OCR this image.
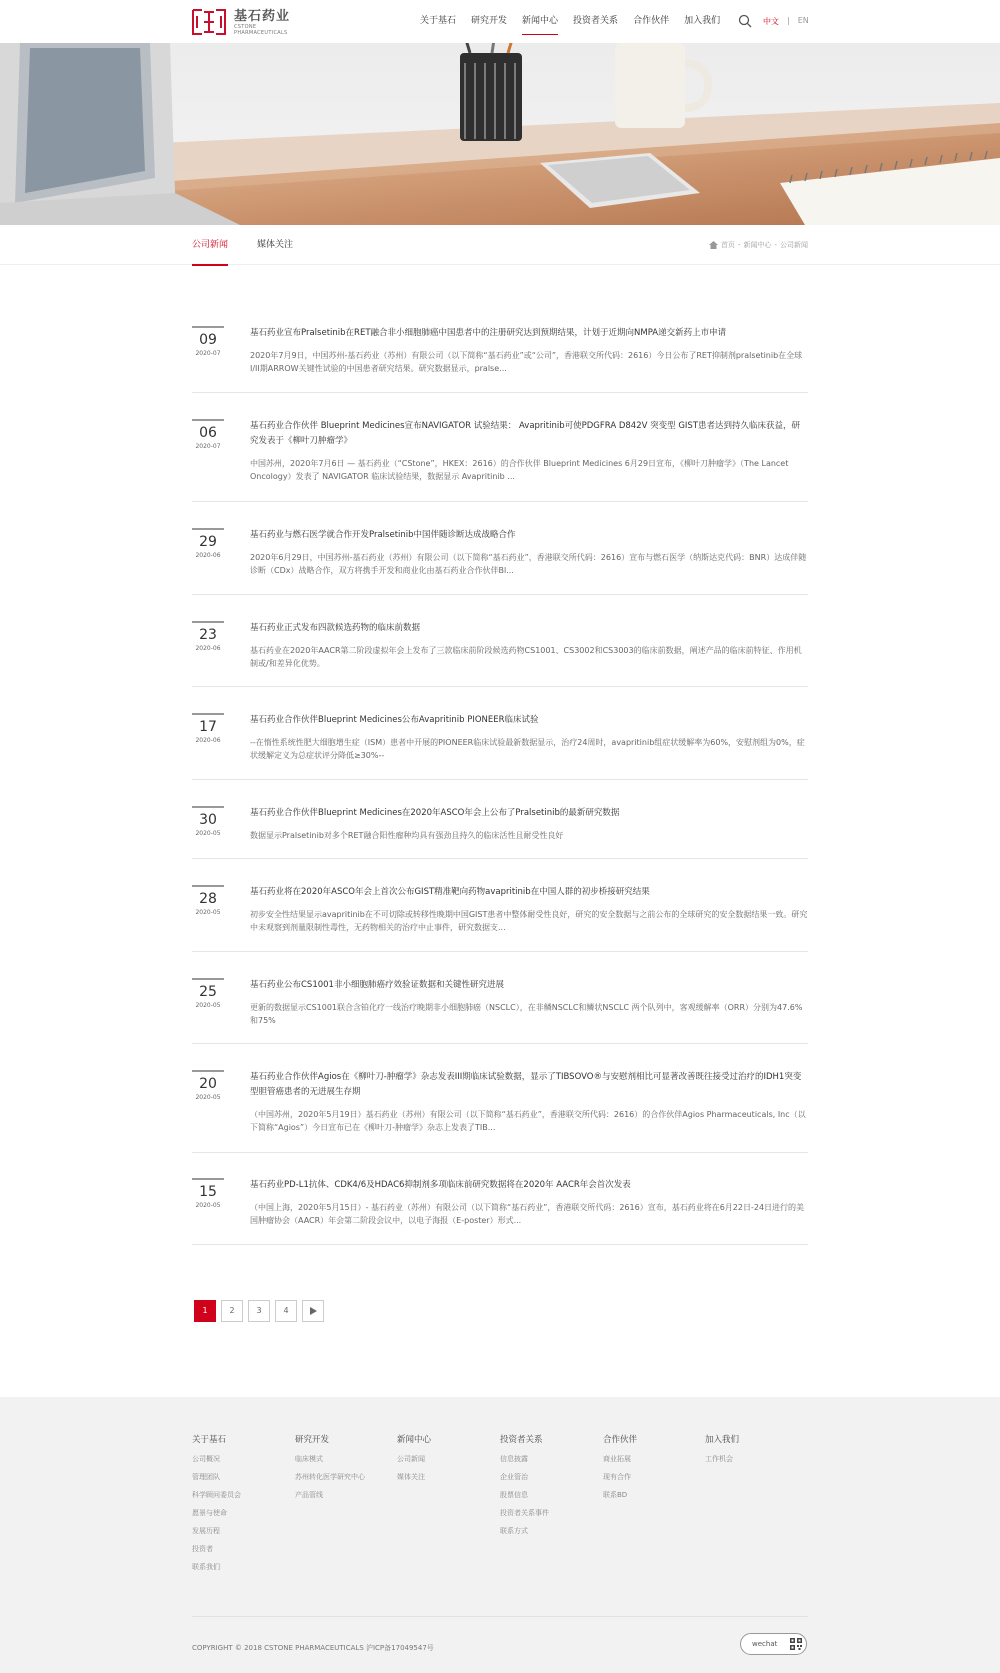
基石药业
CSTONE
PHARMACEUTICALS
关于基石 研究开发 新闻中心 投资者关系 合作伙伴 加入我们	中文 | EN
公司新闻	媒体关注	首页 - 新闻中心 - 公司新闻
09
2020-07
基石药业宣布Pralsetinib在RET融合非小细胞肺癌中国患者中的注册研究达到预期结果，计划于近期向NMPA递交新药上市申请
2020年7月9日，中国苏州-基石药业（苏州）有限公司（以下简称“基石药业”或“公司”，香港联交所代码：2616）今日公布了RET抑制剂pralsetinib在全球I/II期ARROW关键性试验的中国患者研究结果。研究数据显示，pralse...
06
2020-07
基石药业合作伙伴 Blueprint Medicines宣布NAVIGATOR 试验结果： Avapritinib可使PDGFRA D842V 突变型 GIST患者达到持久临床获益，研究发表于《柳叶刀肿瘤学》
中国苏州，2020年7月6日 — 基石药业（“CStone”，HKEX：2616）的合作伙伴 Blueprint Medicines 6月29日宣布，《柳叶刀肿瘤学》（The Lancet Oncology）发表了 NAVIGATOR 临床试验结果，数据显示 Avapritinib ...
29
2020-06
基石药业与燃石医学就合作开发Pralsetinib中国伴随诊断达成战略合作
2020年6月29日，中国苏州-基石药业（苏州）有限公司（以下简称“基石药业”，香港联交所代码：2616）宣布与燃石医学（纳斯达克代码：BNR）达成伴随诊断（CDx）战略合作，双方将携手开发和商业化由基石药业合作伙伴Bl...
23
2020-06
基石药业正式发布四款候选药物的临床前数据
基石药业在2020年AACR第二阶段虚拟年会上发布了三款临床前阶段候选药物CS1001、CS3002和CS3003的临床前数据，阐述产品的临床前特征、作用机制或/和差异化优势。
17
2020-06
基石药业合作伙伴Blueprint Medicines公布Avapritinib PIONEER临床试验
--在惰性系统性肥大细胞增生症（ISM）患者中开展的PIONEER临床试验最新数据显示，治疗24周时，avapritinib组症状缓解率为60%，安慰剂组为0%，症状缓解定义为总症状评分降低≥30%--
30
2020-05
基石药业合作伙伴Blueprint Medicines在2020年ASCO年会上公布了Pralsetinib的最新研究数据
数据显示Pralsetinib对多个RET融合阳性瘤种均具有强劲且持久的临床活性且耐受性良好
28
2020-05
基石药业将在2020年ASCO年会上首次公布GIST精准靶向药物avapritinib在中国人群的初步桥接研究结果
初步安全性结果显示avapritinib在不可切除或转移性晚期中国GIST患者中整体耐受性良好，研究的安全数据与之前公布的全球研究的安全数据结果一致。研究中未观察到剂量限制性毒性，无药物相关的治疗中止事件，研究数据支...
25
2020-05
基石药业公布CS1001非小细胞肺癌疗效验证数据和关键性研究进展
更新的数据显示CS1001联合含铂化疗一线治疗晚期非小细胞肺癌（NSCLC），在非鳞NSCLC和鳞状NSCLC 两个队列中，客观缓解率（ORR）分别为47.6%和75%
20
2020-05
基石药业合作伙伴Agios在《柳叶刀-肿瘤学》杂志发表III期临床试验数据，显示了TIBSOVO®与安慰剂相比可显著改善既往接受过治疗的IDH1突变型胆管癌患者的无进展生存期
（中国苏州，2020年5月19日）基石药业（苏州）有限公司（以下简称“基石药业”，香港联交所代码：2616）的合作伙伴Agios Pharmaceuticals, Inc（以下简称“Agios”）今日宣布已在《柳叶刀-肿瘤学》杂志上发表了TIB...
15
2020-05
基石药业PD-L1抗体、CDK4/6及HDAC6抑制剂多项临床前研究数据将在2020年 AACR年会首次发表
（中国上海，2020年5月15日）- 基石药业（苏州）有限公司（以下简称“基石药业”，香港联交所代码：2616）宣布，基石药业将在6月22日-24日进行的美国肿瘤协会（AACR）年会第二阶段会议中，以电子海报（E-poster）形式...
1	2	3	4
关于基石
公司概况
管理团队
科学顾问委员会
愿景与使命
发展历程
投资者
联系我们
研究开发
临床模式
苏州转化医学研究中心
产品管线
新闻中心
公司新闻
媒体关注
投资者关系
信息披露
企业管治
股票信息
投资者关系事件
联系方式
合作伙伴
商业拓展
现有合作
联系BD
加入我们
工作机会
COPYRIGHT © 2018 CSTONE PHARMACEUTICALS 沪ICP备17049547号	wechat
